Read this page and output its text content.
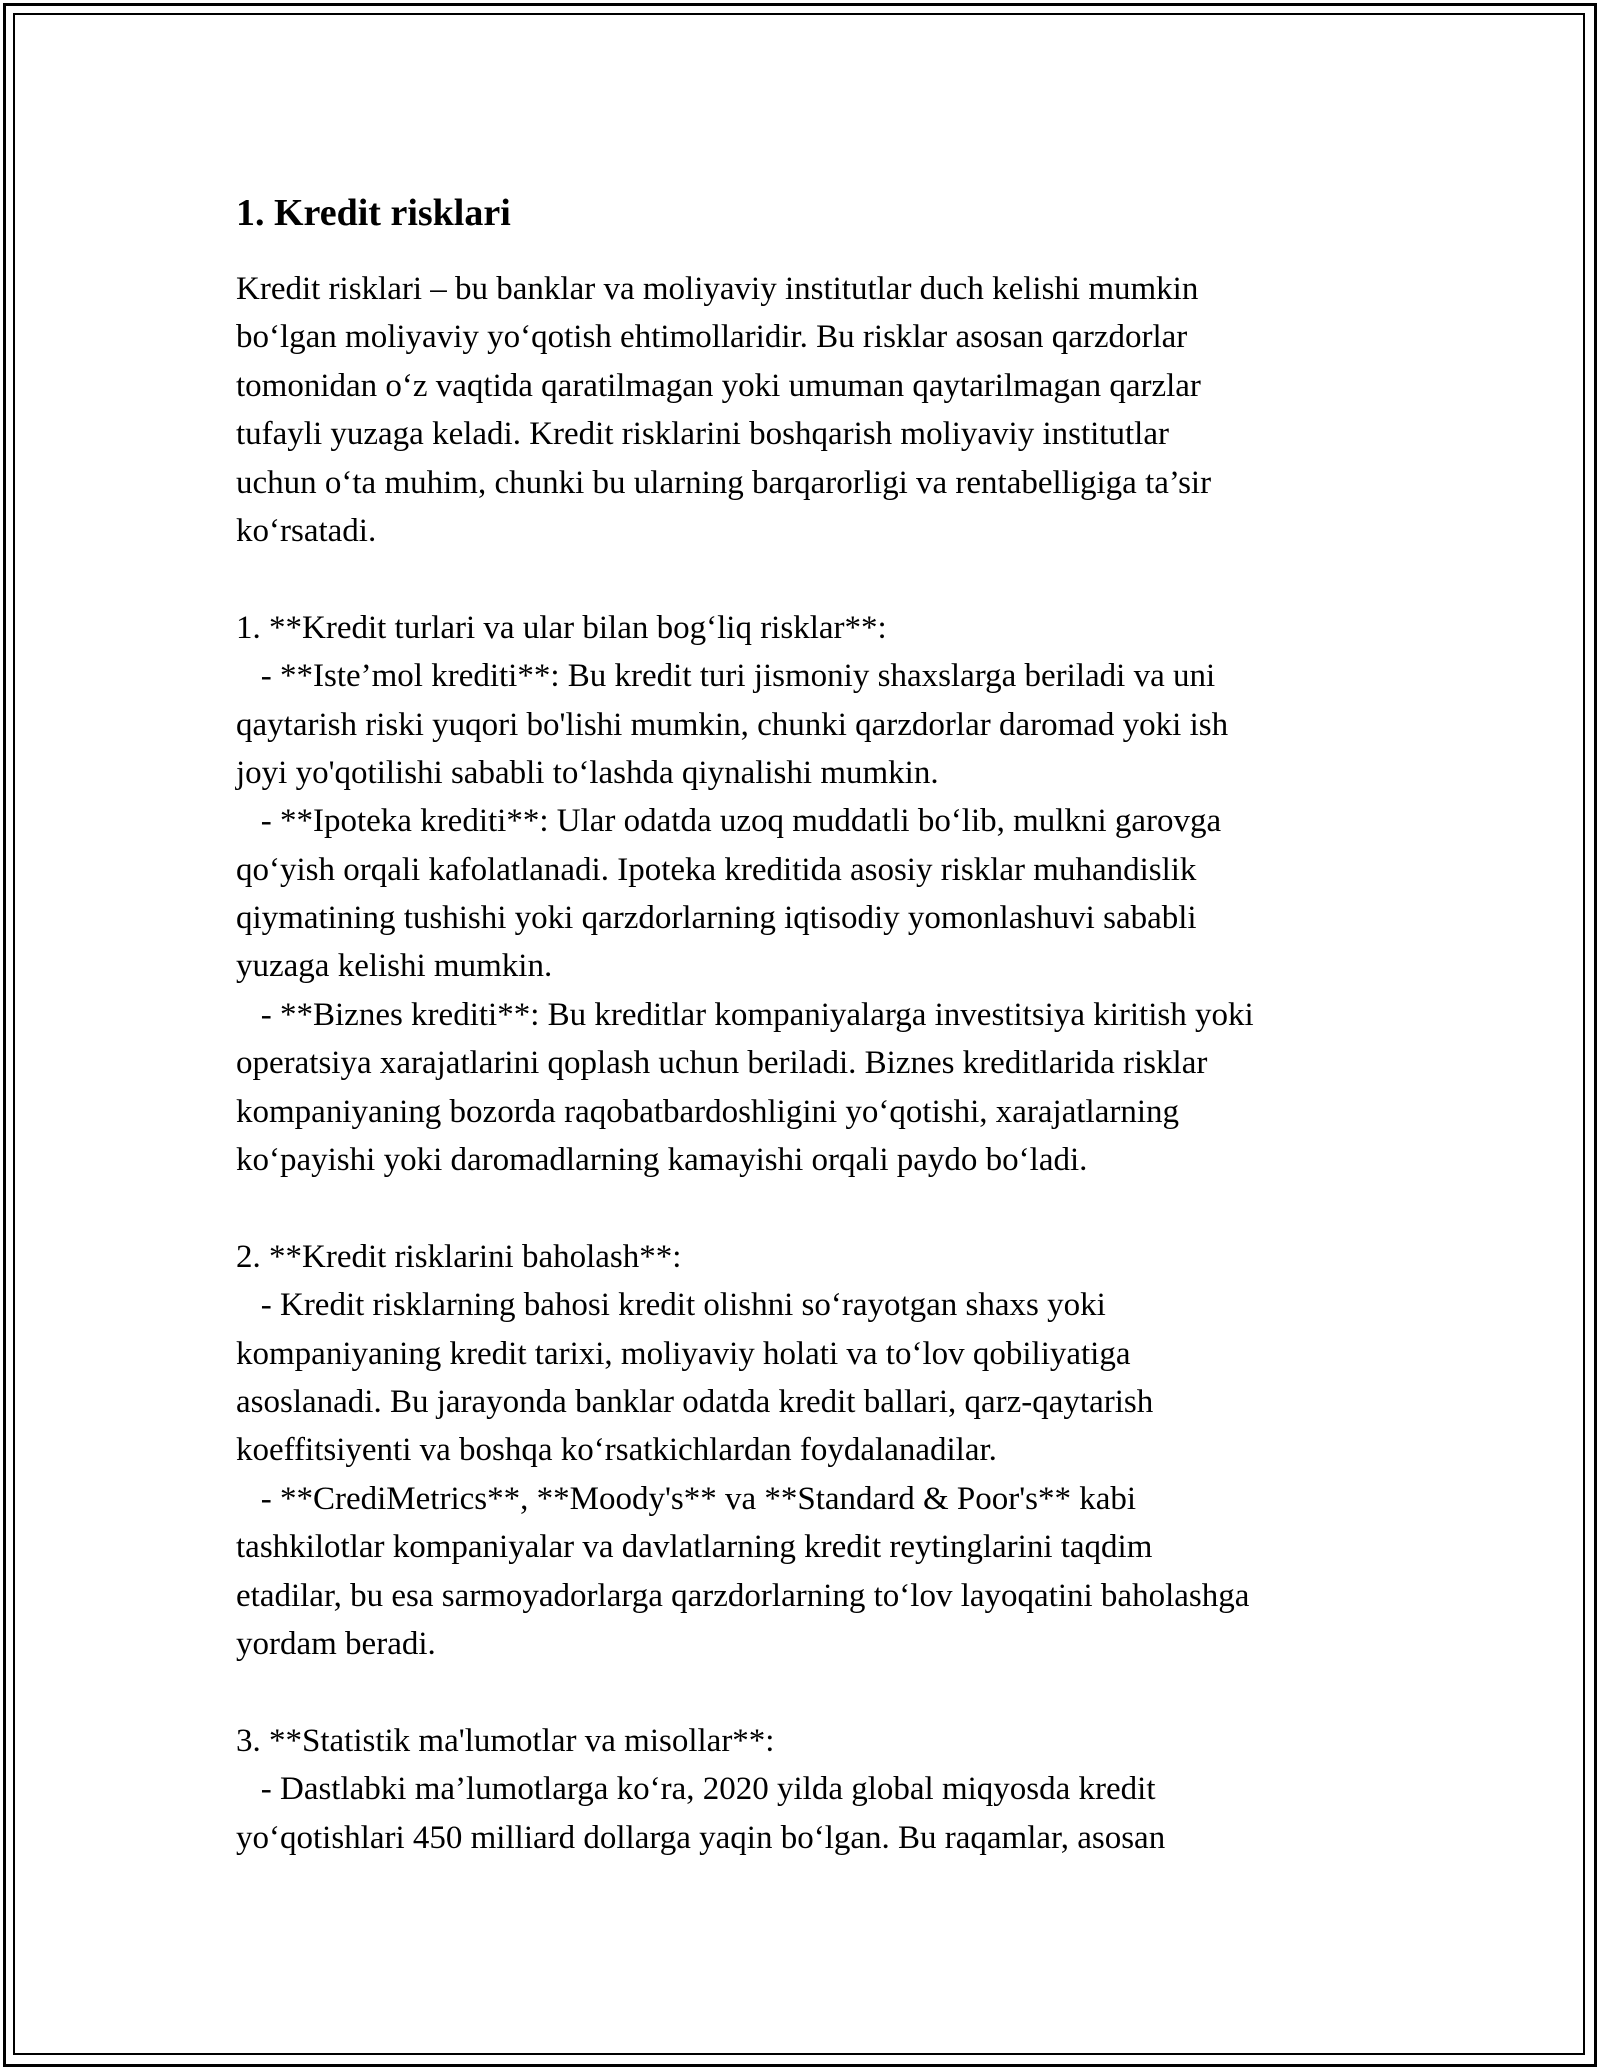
1. Kredit risklari
Kredit risklari – bu banklar va moliyaviy institutlar duch kelishi mumkin
bo‘lgan moliyaviy yo‘qotish ehtimollaridir. Bu risklar asosan qarzdorlar
tomonidan o‘z vaqtida qaratilmagan yoki umuman qaytarilmagan qarzlar
tufayli yuzaga keladi. Kredit risklarini boshqarish moliyaviy institutlar
uchun o‘ta muhim, chunki bu ularning barqarorligi va rentabelligiga ta’sir
ko‘rsatadi.
1. **Kredit turlari va ular bilan bog‘liq risklar**:
- **Iste’mol krediti**: Bu kredit turi jismoniy shaxslarga beriladi va uni
qaytarish riski yuqori bo'lishi mumkin, chunki qarzdorlar daromad yoki ish
joyi yo'qotilishi sababli to‘lashda qiynalishi mumkin.
- **Ipoteka krediti**: Ular odatda uzoq muddatli bo‘lib, mulkni garovga
qo‘yish orqali kafolatlanadi. Ipoteka kreditida asosiy risklar muhandislik
qiymatining tushishi yoki qarzdorlarning iqtisodiy yomonlashuvi sababli
yuzaga kelishi mumkin.
- **Biznes krediti**: Bu kreditlar kompaniyalarga investitsiya kiritish yoki
operatsiya xarajatlarini qoplash uchun beriladi. Biznes kreditlarida risklar
kompaniyaning bozorda raqobatbardoshligini yo‘qotishi, xarajatlarning
ko‘payishi yoki daromadlarning kamayishi orqali paydo bo‘ladi.
2. **Kredit risklarini baholash**:
- Kredit risklarning bahosi kredit olishni so‘rayotgan shaxs yoki
kompaniyaning kredit tarixi, moliyaviy holati va to‘lov qobiliyatiga
asoslanadi. Bu jarayonda banklar odatda kredit ballari, qarz-qaytarish
koeffitsiyenti va boshqa ko‘rsatkichlardan foydalanadilar.
- **CrediMetrics**, **Moody's** va **Standard & Poor's** kabi
tashkilotlar kompaniyalar va davlatlarning kredit reytinglarini taqdim
etadilar, bu esa sarmoyadorlarga qarzdorlarning to‘lov layoqatini baholashga
yordam beradi.
3. **Statistik ma'lumotlar va misollar**:
- Dastlabki ma’lumotlarga ko‘ra, 2020 yilda global miqyosda kredit
yo‘qotishlari 450 milliard dollarga yaqin bo‘lgan. Bu raqamlar, asosan
